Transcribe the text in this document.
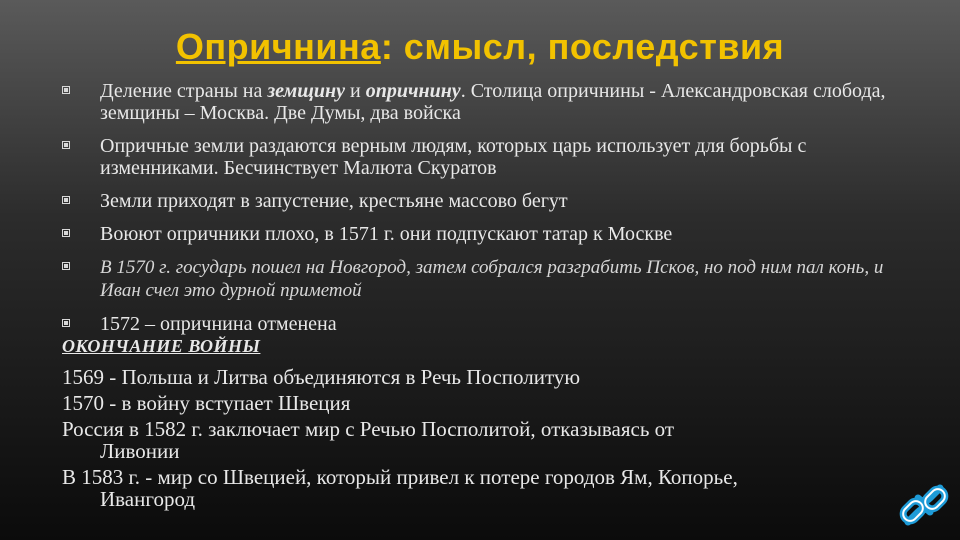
Опричнина: смысл, последствия
Деление страны на земщину и опричнину. Столица опричнины - Александровская слобода, земщины – Москва. Две Думы, два войска
Опричные земли раздаются верным людям, которых царь использует для борьбы с изменниками. Бесчинствует Малюта Скуратов
Земли приходят в запустение, крестьяне массово бегут
Воюют опричники плохо, в 1571 г. они подпускают татар к Москве
В 1570 г. государь пошел на Новгород, затем собрался разграбить Псков, но под ним пал конь, и Иван счел это дурной приметой
1572 – опричнина отменена
ОКОНЧАНИЕ ВОЙНЫ
1569 - Польша и Литва объединяются в Речь Посполитую
1570 - в войну вступает Швеция
Россия в 1582 г. заключает мир с Речью Посполитой, отказываясь от
Ливонии
В 1583 г. - мир со Швецией, который привел к потере городов Ям, Копорье,
Ивангород
